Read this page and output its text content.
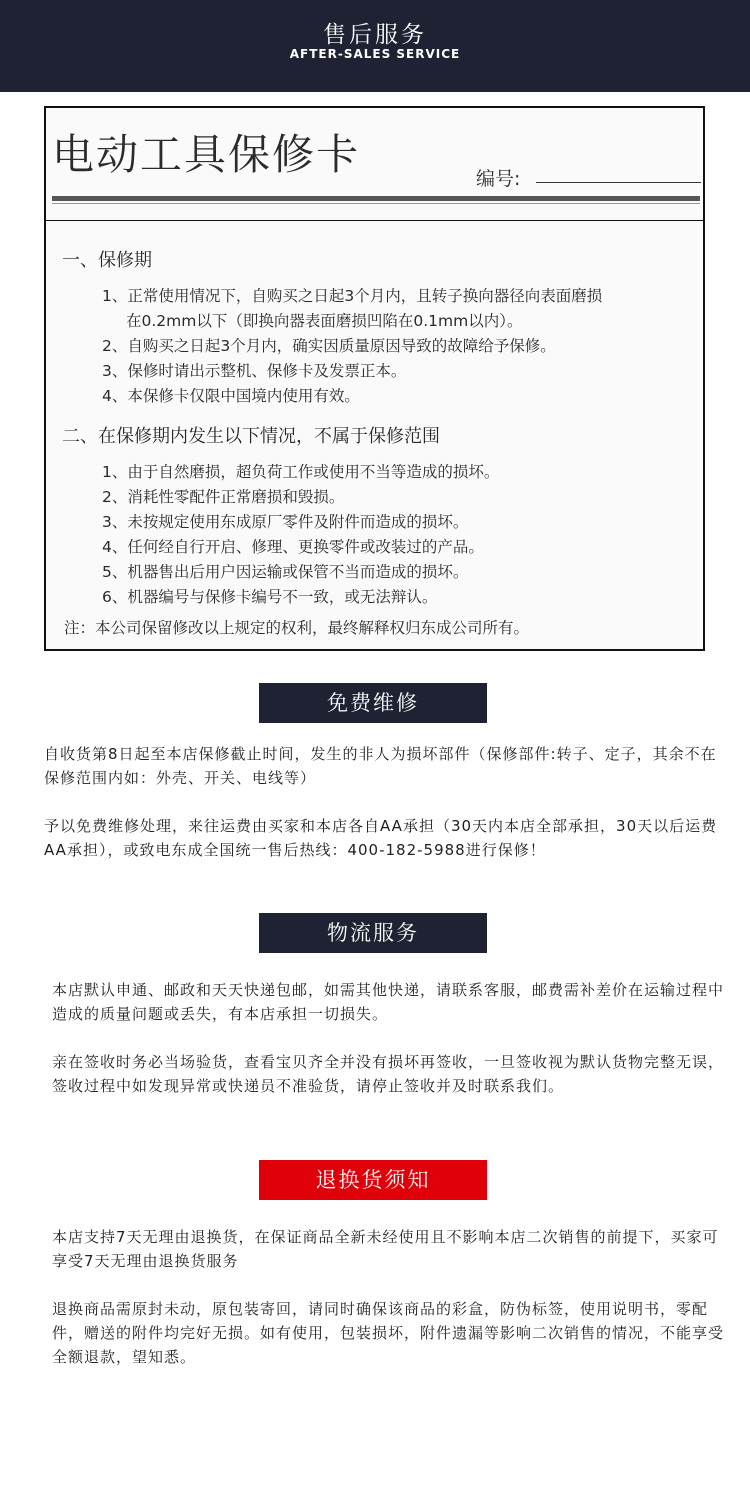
售后服务
AFTER-SALES SERVICE
电动工具保修卡	编号:
一、保修期
1、正常使用情况下，自购买之日起3个月内，且转子换向器径向表面磨损
在0.2mm以下（即换向器表面磨损凹陷在0.1mm以内）。
2、自购买之日起3个月内，确实因质量原因导致的故障给予保修。
3、保修时请出示整机、保修卡及发票正本。
4、本保修卡仅限中国境内使用有效。
二、在保修期内发生以下情况，不属于保修范围
1、由于自然磨损，超负荷工作或使用不当等造成的损坏。
2、消耗性零配件正常磨损和毁损。
3、未按规定使用东成原厂零件及附件而造成的损坏。
4、任何经自行开启、修理、更换零件或改装过的产品。
5、机器售出后用户因运输或保管不当而造成的损坏。
6、机器编号与保修卡编号不一致，或无法辩认。
注：本公司保留修改以上规定的权利，最终解释权归东成公司所有。
免费维修
自收货第8日起至本店保修截止时间，发生的非人为损坏部件（保修部件:转子、定子，其余不在保修范围内如：外壳、开关、电线等）
予以免费维修处理，来往运费由买家和本店各自AA承担（30天内本店全部承担，30天以后运费AA承担），或致电东成全国统一售后热线：400-182-5988进行保修！
物流服务
本店默认申通、邮政和天天快递包邮，如需其他快递，请联系客服，邮费需补差价在运输过程中造成的质量问题或丢失，有本店承担一切损失。
亲在签收时务必当场验货，查看宝贝齐全并没有损坏再签收，一旦签收视为默认货物完整无误，签收过程中如发现异常或快递员不准验货，请停止签收并及时联系我们。
退换货须知
本店支持7天无理由退换货，在保证商品全新未经使用且不影响本店二次销售的前提下，买家可享受7天无理由退换货服务
退换商品需原封未动，原包装寄回，请同时确保该商品的彩盒，防伪标签，使用说明书，零配件，赠送的附件均完好无损。如有使用，包装损坏，附件遗漏等影响二次销售的情况，不能享受全额退款，望知悉。
